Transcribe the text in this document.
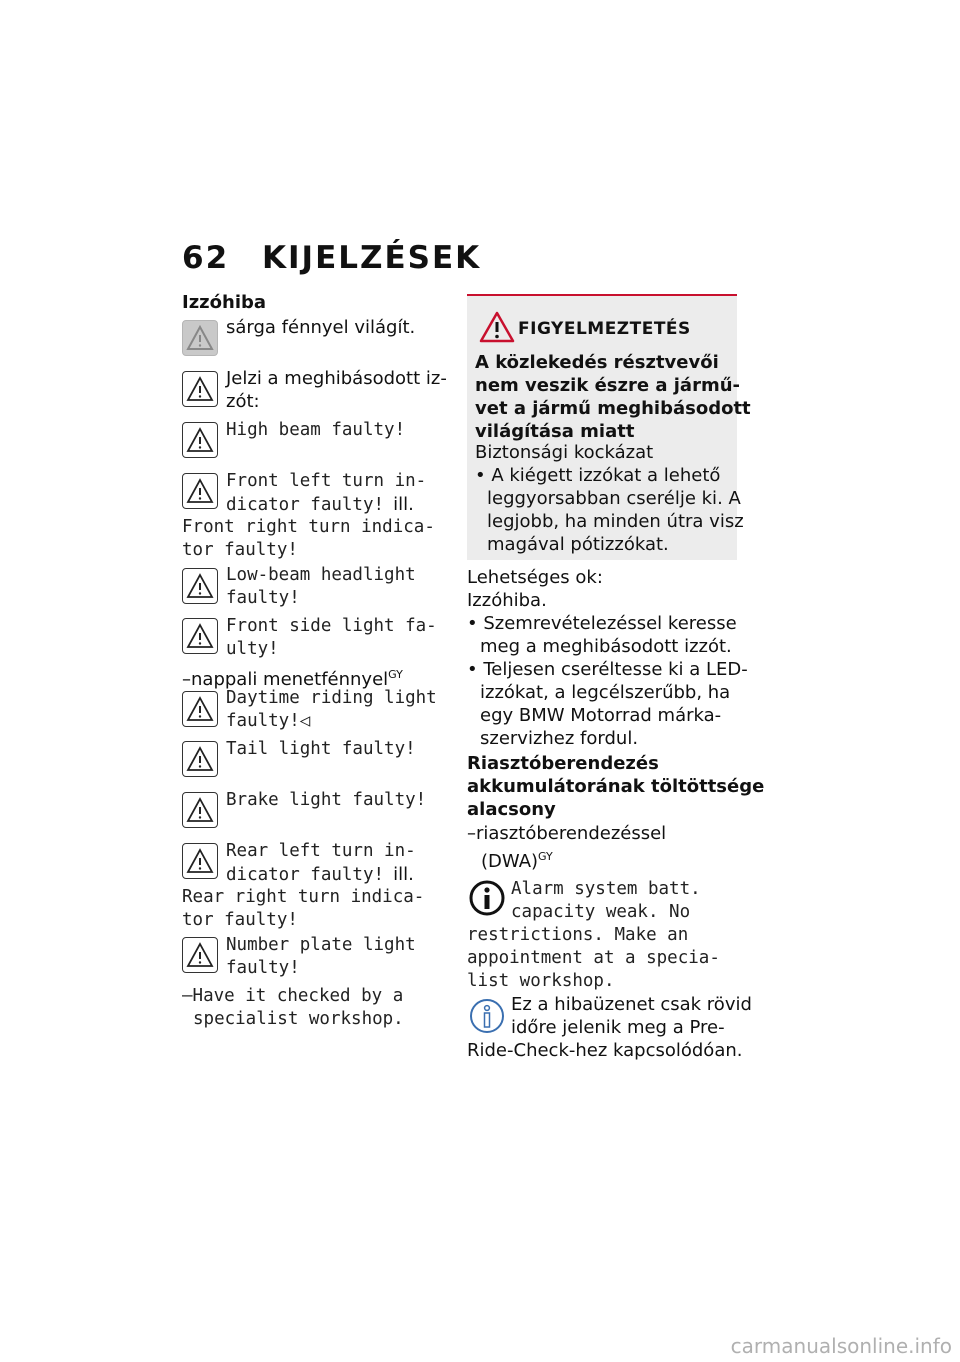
62 KIJELZÉSEK
Izzóhiba
sárga fénnyel világít.
Jelzi a meghibásodott iz-
zót:
High beam faulty!
Front left turn in-
dicator faulty! ill.
Front right turn indica-
tor faulty!
Low-beam headlight
faulty!
Front side light fa-
ulty!
–nappali menetfénnyel$^{GY}$
Daytime riding light
faulty!◁
Tail light faulty!
Brake light faulty!
Rear left turn in-
dicator faulty! ill.
Rear right turn indica-
tor faulty!
Number plate light
faulty!
–Have it checked by a
specialist workshop.
FIGYELMEZTETÉS
A közlekedés résztvevői
nem veszik észre a jármű-
vet a jármű meghibásodott
világítása miatt
Biztonsági kockázat
• A kiégett izzókat a lehető
leggyorsabban cserélje ki. A
legjobb, ha minden útra visz
magával pótizzókat.
Lehetséges ok:
Izzóhiba.
• Szemrevételezéssel keresse
meg a meghibásodott izzót.
• Teljesen cseréltesse ki a LED-
izzókat, a legcélszerűbb, ha
egy BMW Motorrad márka-
szervizhez fordul.
Riasztóberendezés
akkumulátorának töltöttsége
alacsony
–riasztóberendezéssel
(DWA)$^{GY}$
Alarm system batt.
capacity weak. No
restrictions. Make an
appointment at a specia-
list workshop.
Ez a hibaüzenet csak rövid
időre jelenik meg a Pre-
Ride-Check-hez kapcsolódóan.
carmanualsonline.info
